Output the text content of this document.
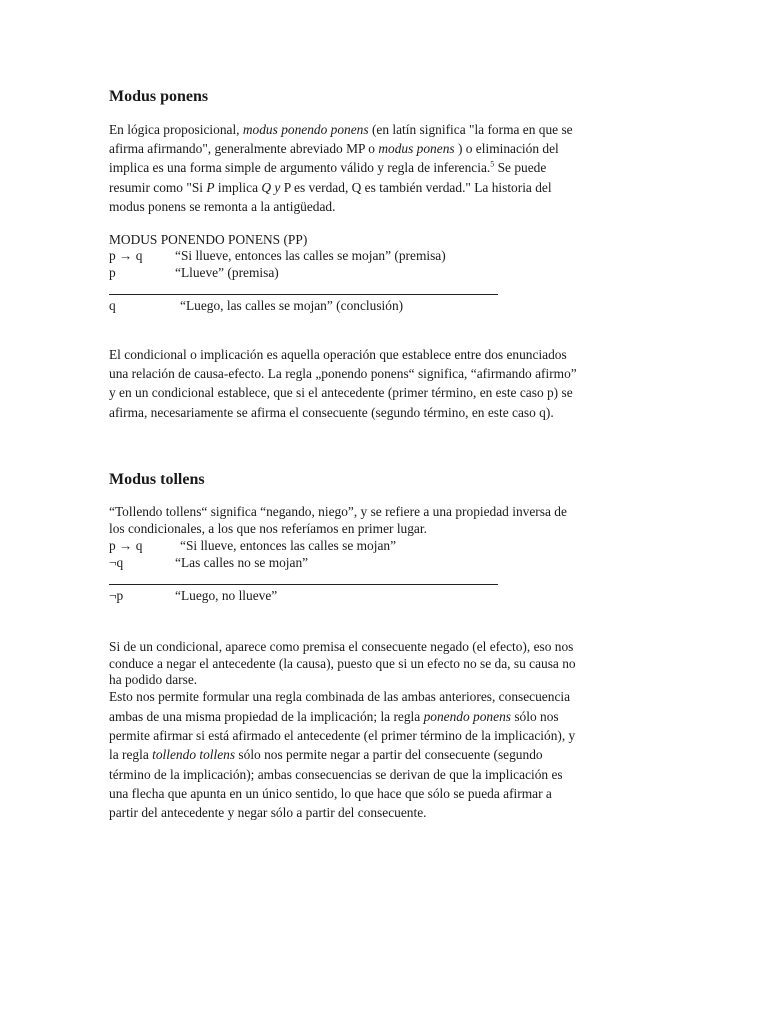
Modus ponens
En lógica proposicional, modus ponendo ponens (en latín significa "la forma en que se
afirma afirmando", generalmente abreviado MP o modus ponens ) o eliminación del
implica es una forma simple de argumento válido y regla de inferencia.$^5$ Se puede
resumir como "Si P implica Q y P es verdad, Q es también verdad." La historia del
modus ponens se remonta a la antigüedad.
MODUS PONENDO PONENS (PP)
p → q “Si llueve, entonces las calles se mojan” (premisa)
p	“Llueve” (premisa)
q	“Luego, las calles se mojan” (conclusión)
El condicional o implicación es aquella operación que establece entre dos enunciados
una relación de causa-efecto. La regla „ponendo ponens“ significa, “afirmando afirmo”
y en un condicional establece, que si el antecedente (primer término, en este caso p) se
afirma, necesariamente se afirma el consecuente (segundo término, en este caso q).
Modus tollens
“Tollendo tollens“ significa “negando, niego”, y se refiere a una propiedad inversa de
los condicionales, a los que nos referíamos en primer lugar.
p → q	“Si llueve, entonces las calles se mojan”
¬q	“Las calles no se mojan”
¬p	“Luego, no llueve”
Si de un condicional, aparece como premisa el consecuente negado (el efecto), eso nos
conduce a negar el antecedente (la causa), puesto que si un efecto no se da, su causa no
ha podido darse.
Esto nos permite formular una regla combinada de las ambas anteriores, consecuencia
ambas de una misma propiedad de la implicación; la regla ponendo ponens sólo nos
permite afirmar si está afirmado el antecedente (el primer término de la implicación), y
la regla tollendo tollens sólo nos permite negar a partir del consecuente (segundo
término de la implicación); ambas consecuencias se derivan de que la implicación es
una flecha que apunta en un único sentido, lo que hace que sólo se pueda afirmar a
partir del antecedente y negar sólo a partir del consecuente.
